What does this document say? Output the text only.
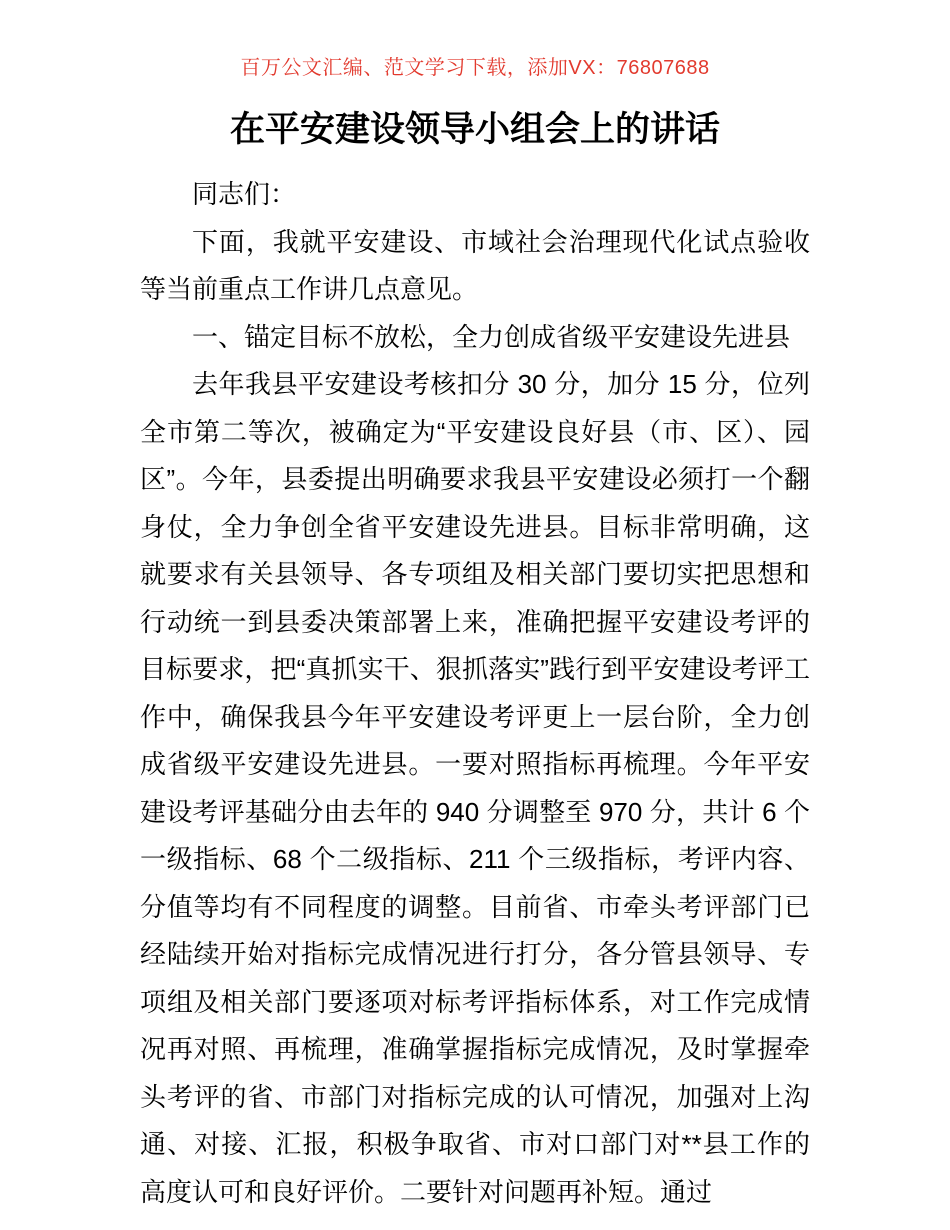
百万公文汇编、范文学习下载，添加VX：76807688
在平安建设领导小组会上的讲话

同志们：

下面，我就平安建设、市域社会治理现代化试点验收等当前重点工作讲几点意见。

一、锚定目标不放松，全力创成省级平安建设先进县

去年我县平安建设考核扣分 30 分，加分 15 分，位列全市第二等次，被确定为“平安建设良好县（市、区）、园区”。今年，县委提出明确要求我县平安建设必须打一个翻身仗，全力争创全省平安建设先进县。目标非常明确，这就要求有关县领导、各专项组及相关部门要切实把思想和行动统一到县委决策部署上来，准确把握平安建设考评的目标要求，把“真抓实干、狠抓落实”践行到平安建设考评工作中，确保我县今年平安建设考评更上一层台阶，全力创成省级平安建设先进县。一要对照指标再梳理。今年平安建设考评基础分由去年的 940 分调整至 970 分，共计 6 个一级指标、68 个二级指标、211 个三级指标，考评内容、分值等均有不同程度的调整。目前省、市牵头考评部门已经陆续开始对指标完成情况进行打分，各分管县领导、专项组及相关部门要逐项对标考评指标体系，对工作完成情况再对照、再梳理，准确掌握指标完成情况，及时掌握牵头考评的省、市部门对指标完成的认可情况，加强对上沟通、对接、汇报，积极争取省、市对口部门对**县工作的高度认可和良好评价。二要针对问题再补短。通过
